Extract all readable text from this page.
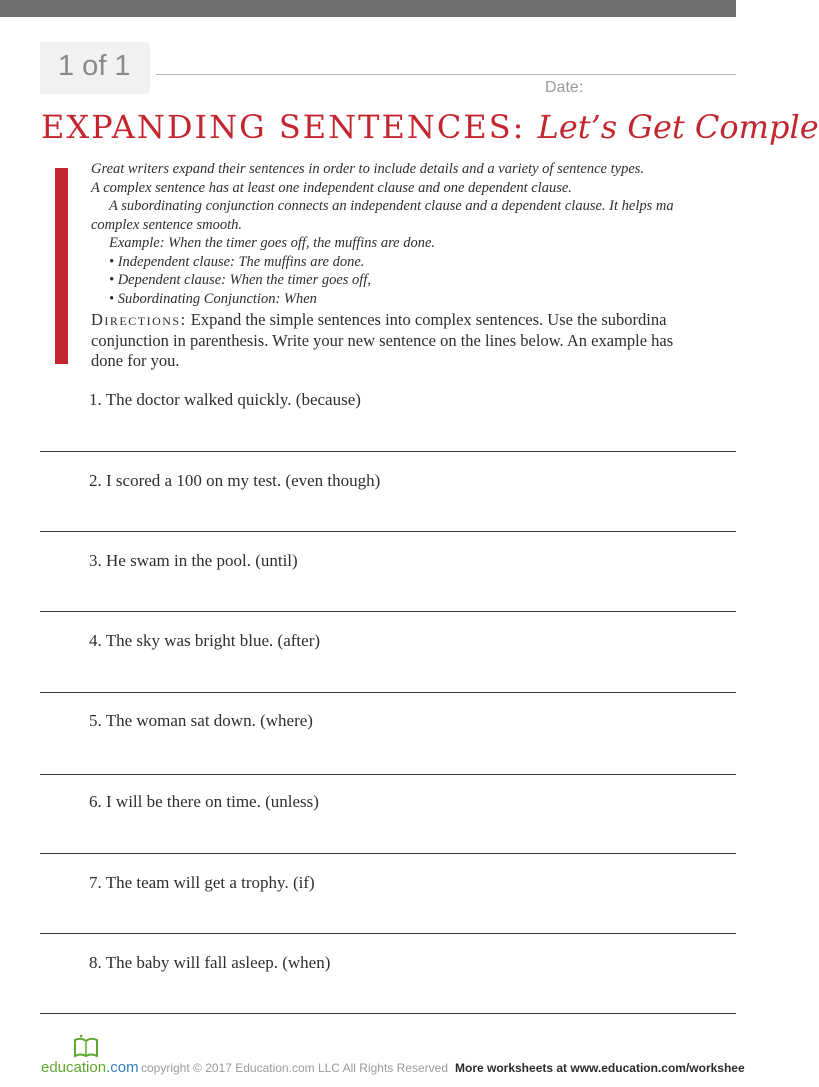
1 of 1
Date:
EXPANDING SENTENCES: Let’s Get Comple
Great writers expand their sentences in order to include details and a variety of sentence types.
A complex sentence has at least one independent clause and one dependent clause.
A subordinating conjunction connects an independent clause and a dependent clause. It helps ma
complex sentence smooth.
Example: When the timer goes off, the muffins are done.
• Independent clause: The muffins are done.
• Dependent clause: When the timer goes off,
• Subordinating Conjunction: When
Directions: Expand the simple sentences into complex sentences. Use the subordina
conjunction in parenthesis. Write your new sentence on the lines below. An example has
done for you.
1. The doctor walked quickly. (because)
2. I scored a 100 on my test. (even though)
3. He swam in the pool. (until)
4. The sky was bright blue. (after)
5. The woman sat down. (where)
6. I will be there on time. (unless)
7. The team will get a trophy. (if)
8. The baby will fall asleep. (when)
education.com copyright © 2017 Education.com LLC All Rights Reserved More worksheets at www.education.com/workshee
